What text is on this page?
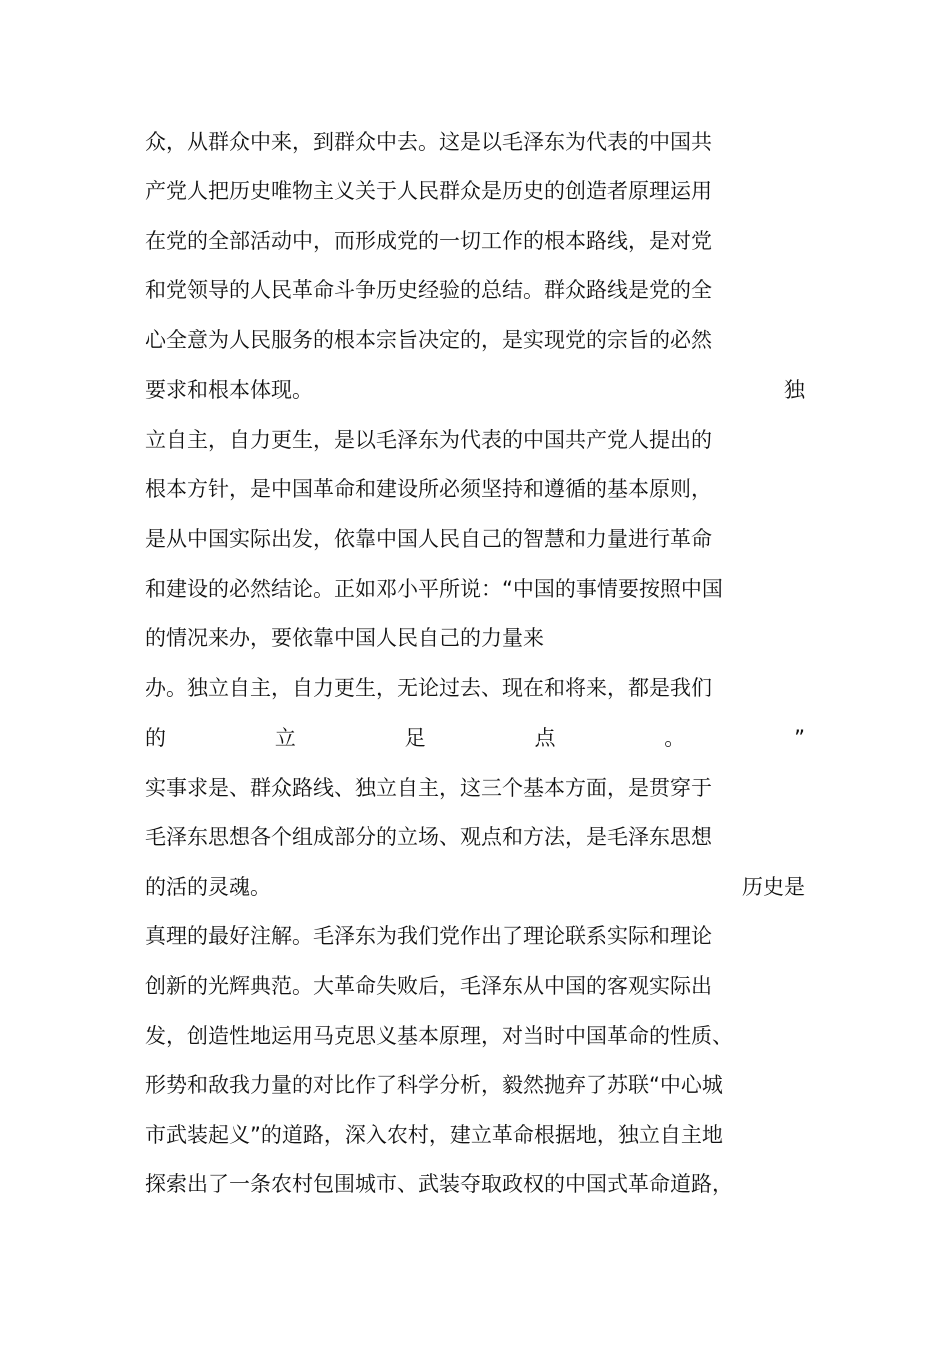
众，从群众中来，到群众中去。这是以毛泽东为代表的中国共
产党人把历史唯物主义关于人民群众是历史的创造者原理运用
在党的全部活动中，而形成党的一切工作的根本路线，是对党
和党领导的人民革命斗争历史经验的总结。群众路线是党的全
心全意为人民服务的根本宗旨决定的，是实现党的宗旨的必然
要求和根本体现。	独
立自主，自力更生，是以毛泽东为代表的中国共产党人提出的
根本方针，是中国革命和建设所必须坚持和遵循的基本原则，
是从中国实际出发，依靠中国人民自己的智慧和力量进行革命
和建设的必然结论。正如邓小平所说：“中国的事情要按照中国
的情况来办，要依靠中国人民自己的力量来
办。独立自主，自力更生，无论过去、现在和将来，都是我们
的	立	足	点	。	”
实事求是、群众路线、独立自主，这三个基本方面，是贯穿于
毛泽东思想各个组成部分的立场、观点和方法，是毛泽东思想
的活的灵魂。	历史是
真理的最好注解。毛泽东为我们党作出了理论联系实际和理论
创新的光辉典范。大革命失败后，毛泽东从中国的客观实际出
发，创造性地运用马克思义基本原理，对当时中国革命的性质、
形势和敌我力量的对比作了科学分析，毅然抛弃了苏联“中心城
市武装起义”的道路，深入农村，建立革命根据地，独立自主地
探索出了一条农村包围城市、武装夺取政权的中国式革命道路，
